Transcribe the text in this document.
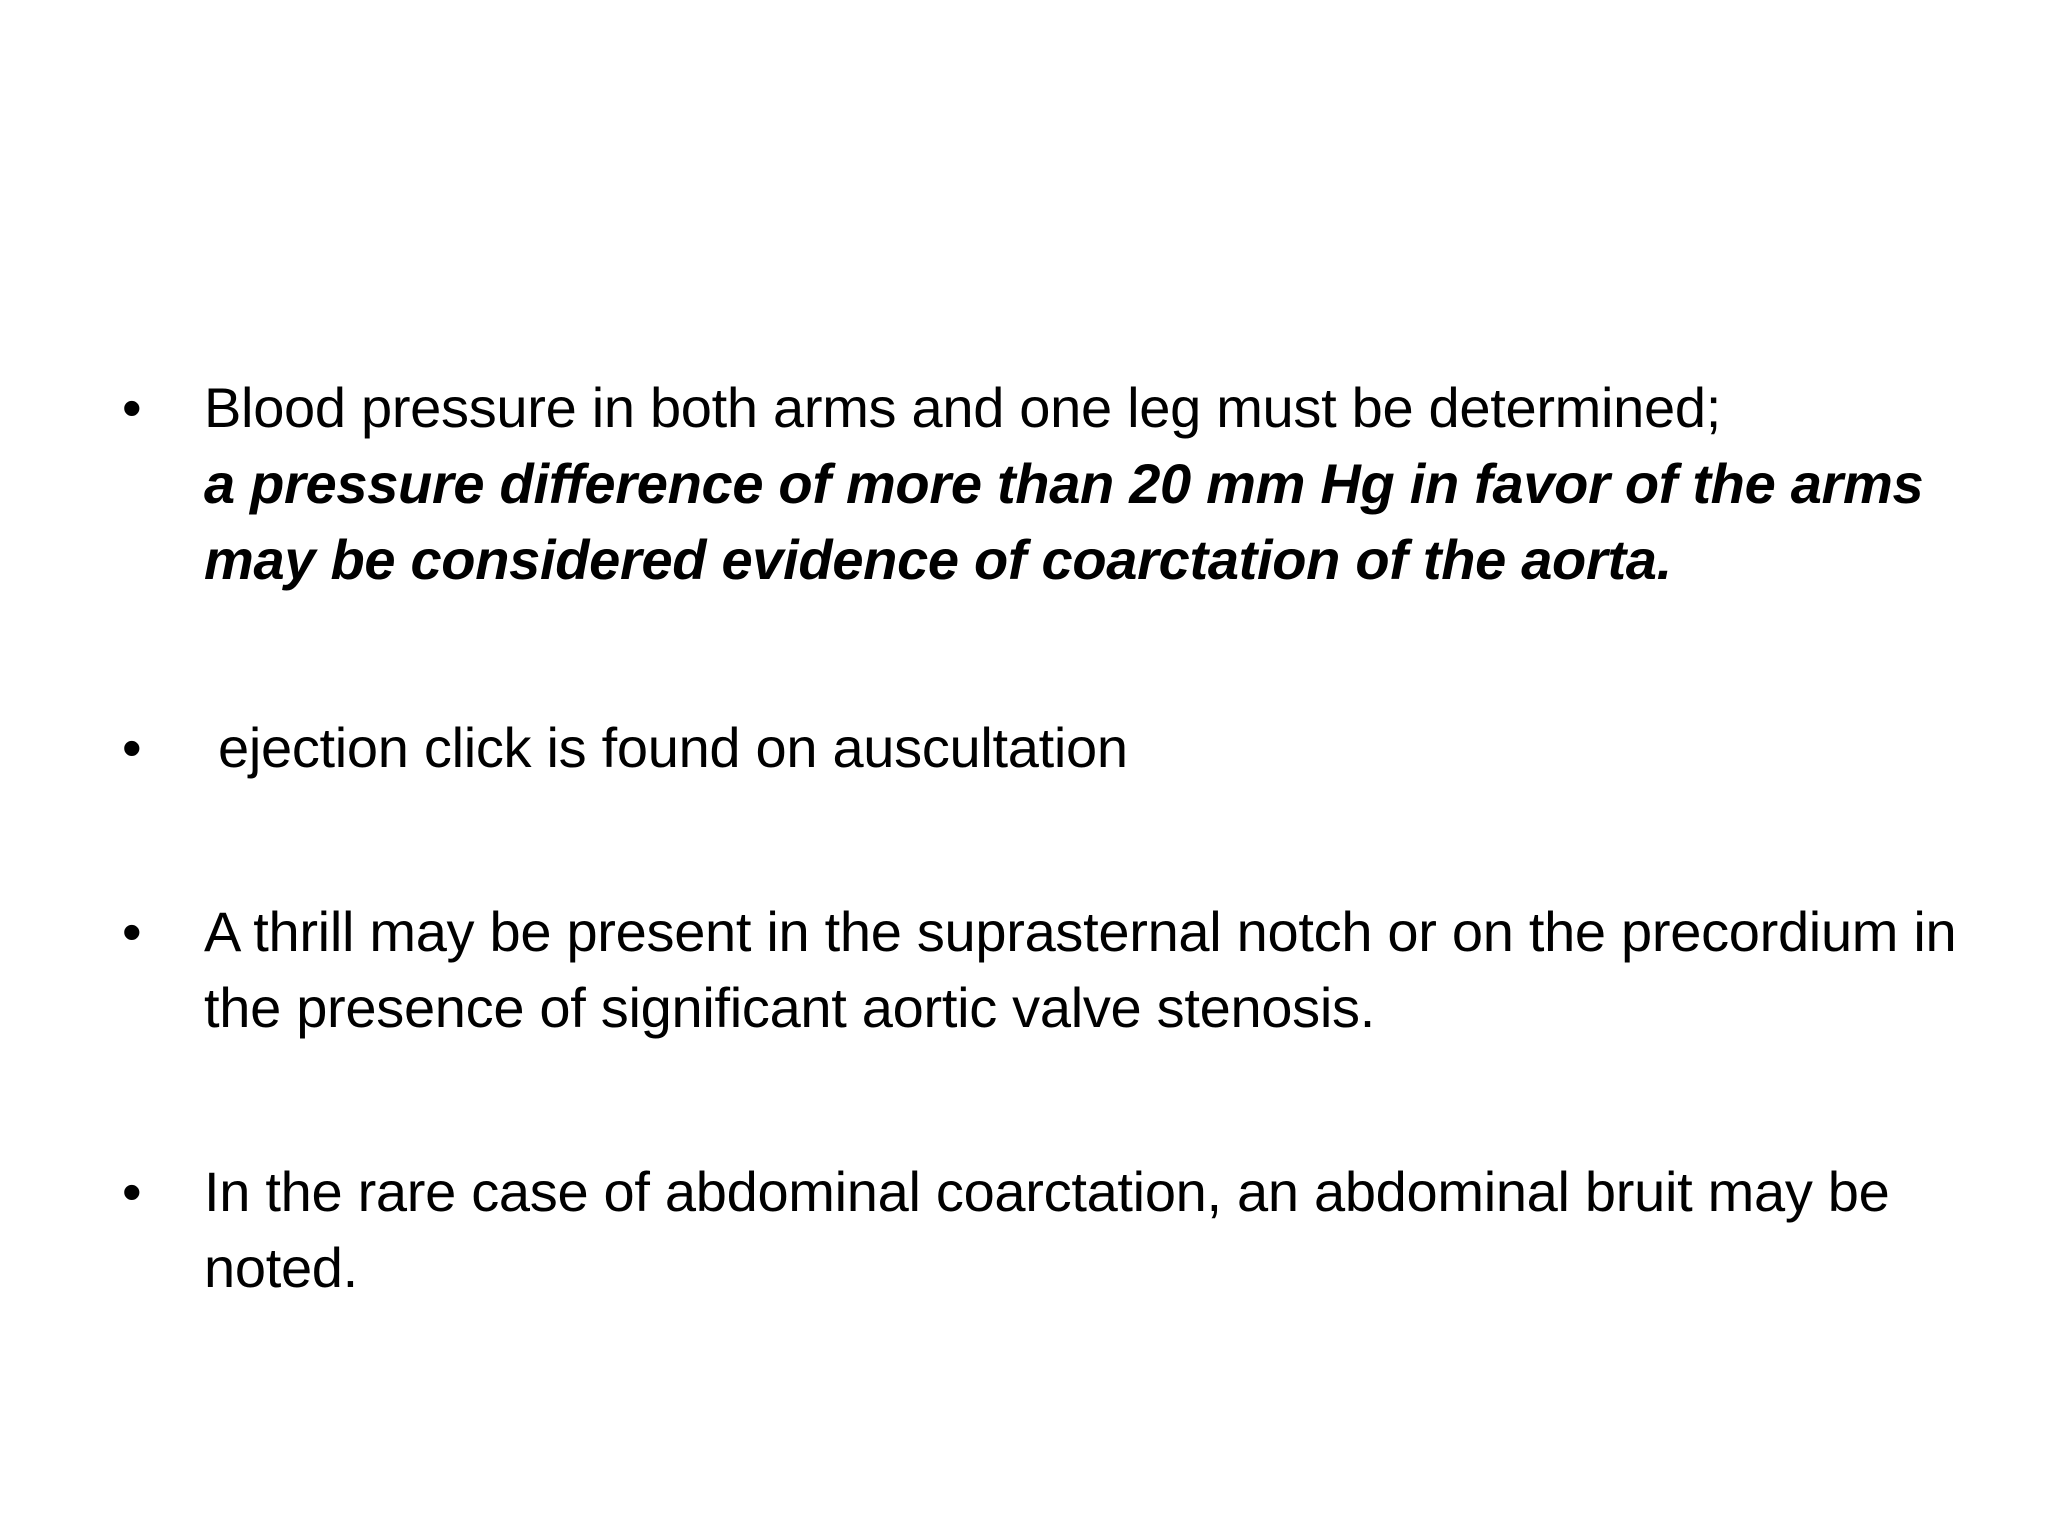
• Blood pressure in both arms and one leg must be determined;
a pressure difference of more than 20 mm Hg in favor of the arms may be considered evidence of coarctation of the aorta.
• ejection click is found on auscultation
• A thrill may be present in the suprasternal notch or on the precordium in the presence of significant aortic valve stenosis.
• In the rare case of abdominal coarctation, an abdominal bruit may be noted.
